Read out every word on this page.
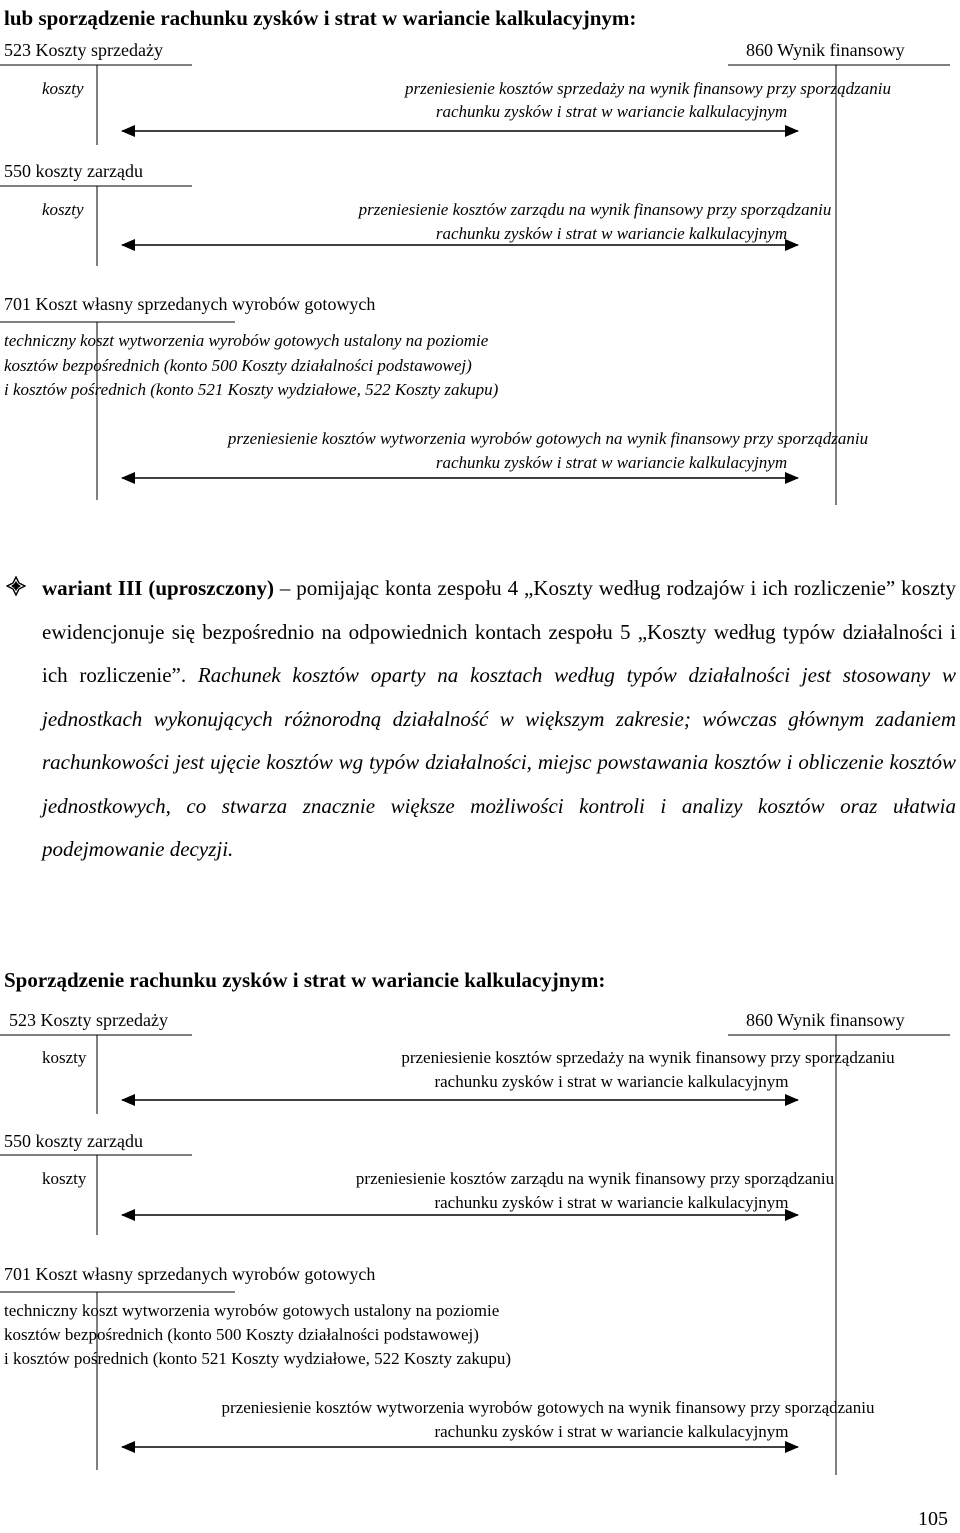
lub sporządzenie rachunku zysków i strat w wariancie kalkulacyjnym:
523 Koszty sprzedaży	860 Wynik finansowy
koszty	przeniesienie kosztów sprzedaży na wynik finansowy przy sporządzaniu
rachunku zysków i strat w wariancie kalkulacyjnym
550 koszty zarządu
koszty	przeniesienie kosztów zarządu na wynik finansowy przy sporządzaniu
rachunku zysków i strat w wariancie kalkulacyjnym
701 Koszt własny sprzedanych wyrobów gotowych
techniczny koszt wytworzenia wyrobów gotowych ustalony na poziomie
kosztów bezpośrednich (konto 500 Koszty działalności podstawowej)
i kosztów pośrednich (konto 521 Koszty wydziałowe, 522 Koszty zakupu)
przeniesienie kosztów wytworzenia wyrobów gotowych na wynik finansowy przy sporządzaniu
rachunku zysków i strat w wariancie kalkulacyjnym
wariant III (uproszczony) – pomijając konta zespołu 4 „Koszty według rodzajów i ich rozliczenie” koszty ewidencjonuje się bezpośrednio na odpowiednich kontach zespołu 5 „Koszty według typów działalności i ich rozliczenie”. Rachunek kosztów oparty na kosztach według typów działalności jest stosowany w jednostkach wykonujących różnorodną działalność w większym zakresie; wówczas głównym zadaniem rachunkowości jest ujęcie kosztów wg typów działalności, miejsc powstawania kosztów i obliczenie kosztów jednostkowych, co stwarza znacznie większe możliwości kontroli i analizy kosztów oraz ułatwia podejmowanie decyzji.
Sporządzenie rachunku zysków i strat w wariancie kalkulacyjnym:
523 Koszty sprzedaży	860 Wynik finansowy
koszty	przeniesienie kosztów sprzedaży na wynik finansowy przy sporządzaniu
rachunku zysków i strat w wariancie kalkulacyjnym
550 koszty zarządu
koszty	przeniesienie kosztów zarządu na wynik finansowy przy sporządzaniu
rachunku zysków i strat w wariancie kalkulacyjnym
701 Koszt własny sprzedanych wyrobów gotowych
techniczny koszt wytworzenia wyrobów gotowych ustalony na poziomie
kosztów bezpośrednich (konto 500 Koszty działalności podstawowej)
i kosztów pośrednich (konto 521 Koszty wydziałowe, 522 Koszty zakupu)
przeniesienie kosztów wytworzenia wyrobów gotowych na wynik finansowy przy sporządzaniu
rachunku zysków i strat w wariancie kalkulacyjnym
105
